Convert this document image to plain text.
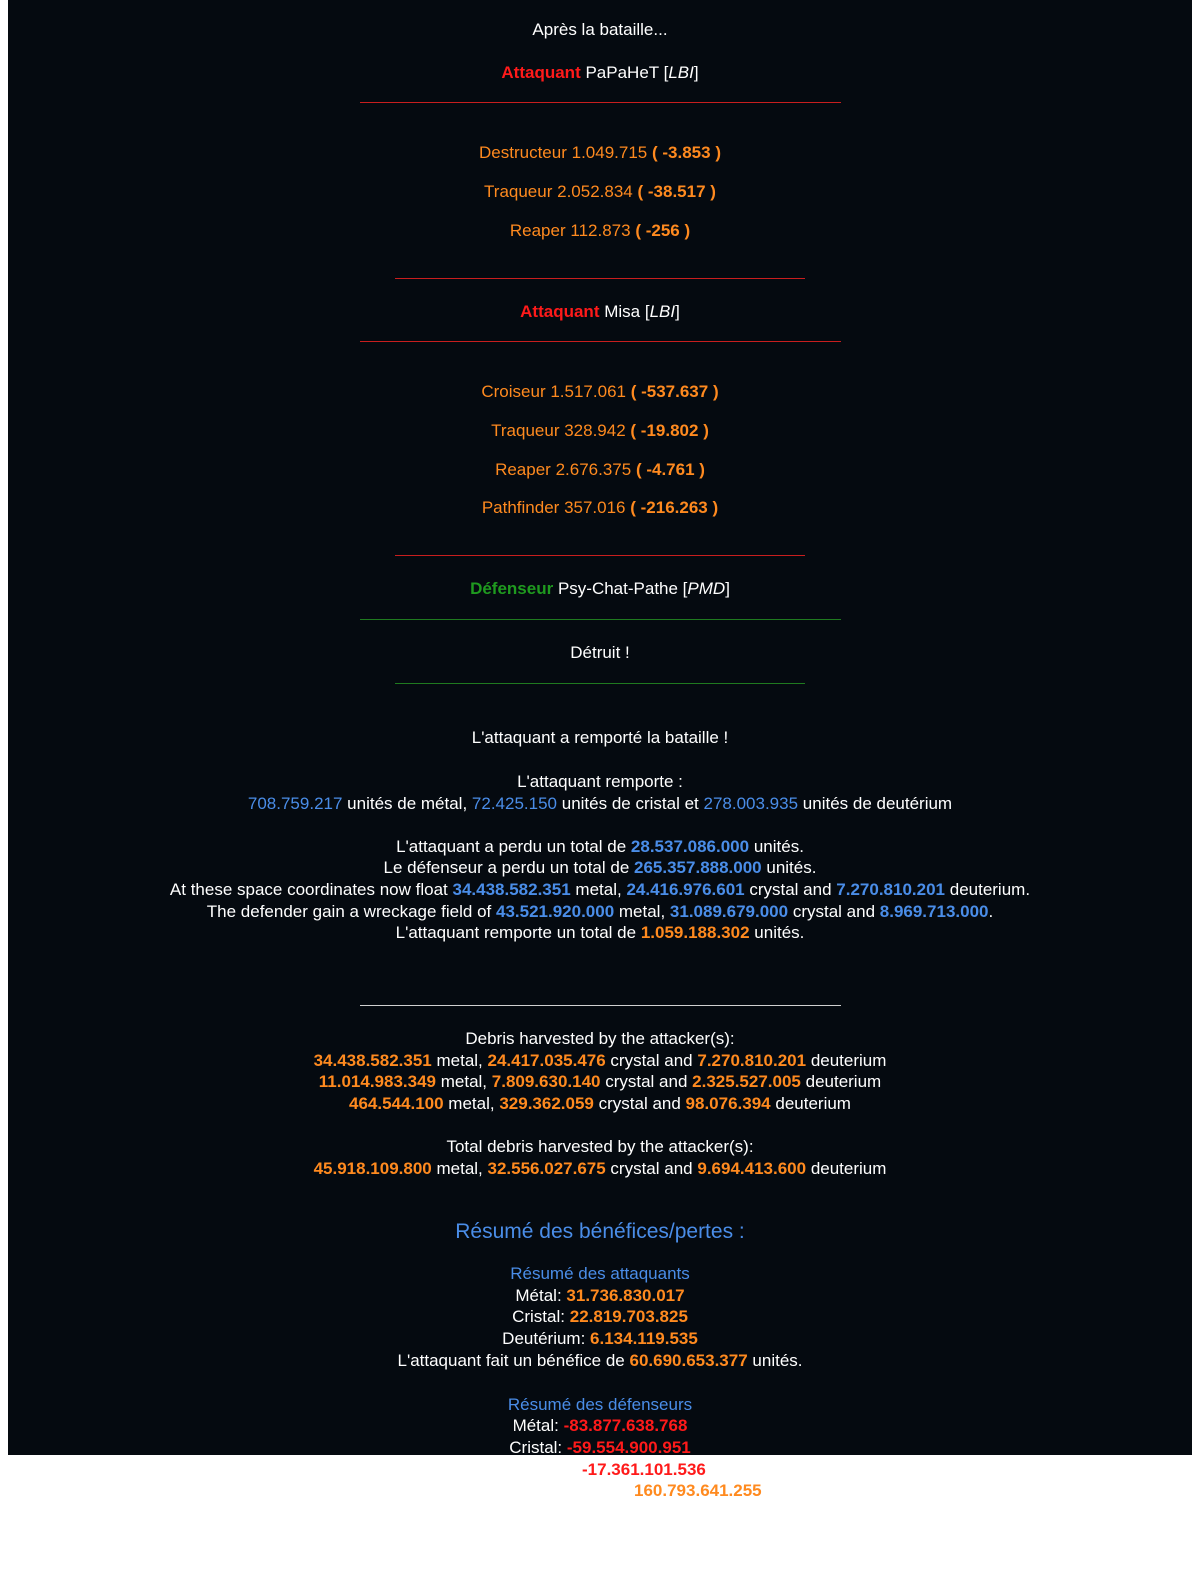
Après la bataille...

Attaquant PaPaHeT [LBI]

Destructeur 1.049.715 ( -3.853 )

Traqueur 2.052.834 ( -38.517 )

Reaper 112.873 ( -256 )

Attaquant Misa [LBI]

Croiseur 1.517.061 ( -537.637 )

Traqueur 328.942 ( -19.802 )

Reaper 2.676.375 ( -4.761 )

Pathfinder 357.016 ( -216.263 )

Défenseur Psy-Chat-Pathe [PMD]

Détruit !

L'attaquant a remporté la bataille !

L'attaquant remporte :

708.759.217 unités de métal, 72.425.150 unités de cristal et 278.003.935 unités de deutérium

L'attaquant a perdu un total de 28.537.086.000 unités.

Le défenseur a perdu un total de 265.357.888.000 unités.

At these space coordinates now float 34.438.582.351 metal, 24.416.976.601 crystal and 7.270.810.201 deuterium.

The defender gain a wreckage field of 43.521.920.000 metal, 31.089.679.000 crystal and 8.969.713.000.

L'attaquant remporte un total de 1.059.188.302 unités.

Debris harvested by the attacker(s):

34.438.582.351 metal, 24.417.035.476 crystal and 7.270.810.201 deuterium

11.014.983.349 metal, 7.809.630.140 crystal and 2.325.527.005 deuterium

464.544.100 metal, 329.362.059 crystal and 98.076.394 deuterium

Total debris harvested by the attacker(s):

45.918.109.800 metal, 32.556.027.675 crystal and 9.694.413.600 deuterium

Résumé des bénéfices/pertes :

Résumé des attaquants

Métal: 31.736.830.017

Cristal: 22.819.703.825

Deutérium: 6.134.119.535

L'attaquant fait un bénéfice de 60.690.653.377 unités.

Résumé des défenseurs

Métal: -83.877.638.768

Cristal: -59.554.900.951

Deutérium: -17.361.101.536

Le défenseur a perdu un total de 160.793.641.255 unités.

Powered by OGotcha Convertisseur de RC 5.1.0
